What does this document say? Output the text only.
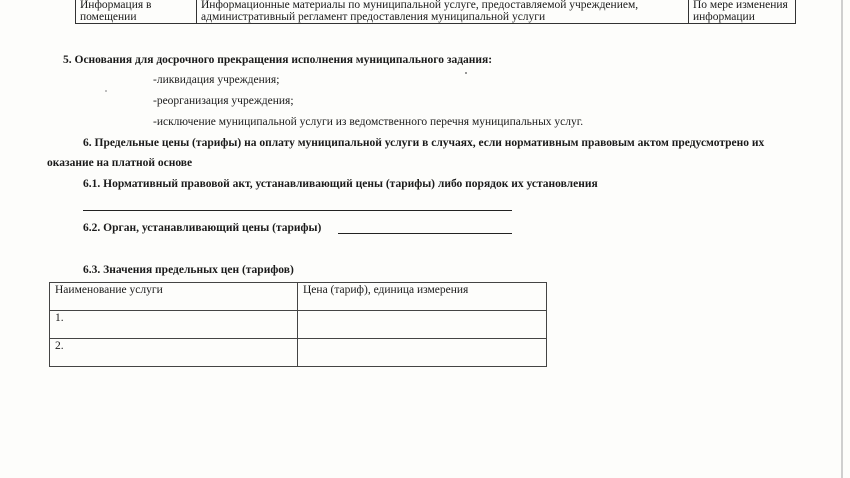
Информация в помещении	Информационные материалы по муниципальной услуге, предоставляемой учреждением, административный регламент предоставления муниципальной услуги	По мере изменения информации
5. Основания для досрочного прекращения исполнения муниципального задания:
-ликвидация учреждения;
-реорганизация учреждения;
-исключение муниципальной услуги из ведомственного перечня муниципальных услуг.
6. Предельные цены (тарифы) на оплату муниципальной услуги в случаях, если нормативным правовым актом предусмотрено их
оказание на платной основе
6.1. Нормативный правовой акт, устанавливающий цены (тарифы) либо порядок их установления
6.2. Орган, устанавливающий цены (тарифы)
6.3. Значения предельных цен (тарифов)
Наименование услуги	Цена (тариф), единица измерения
1.	
2.	
